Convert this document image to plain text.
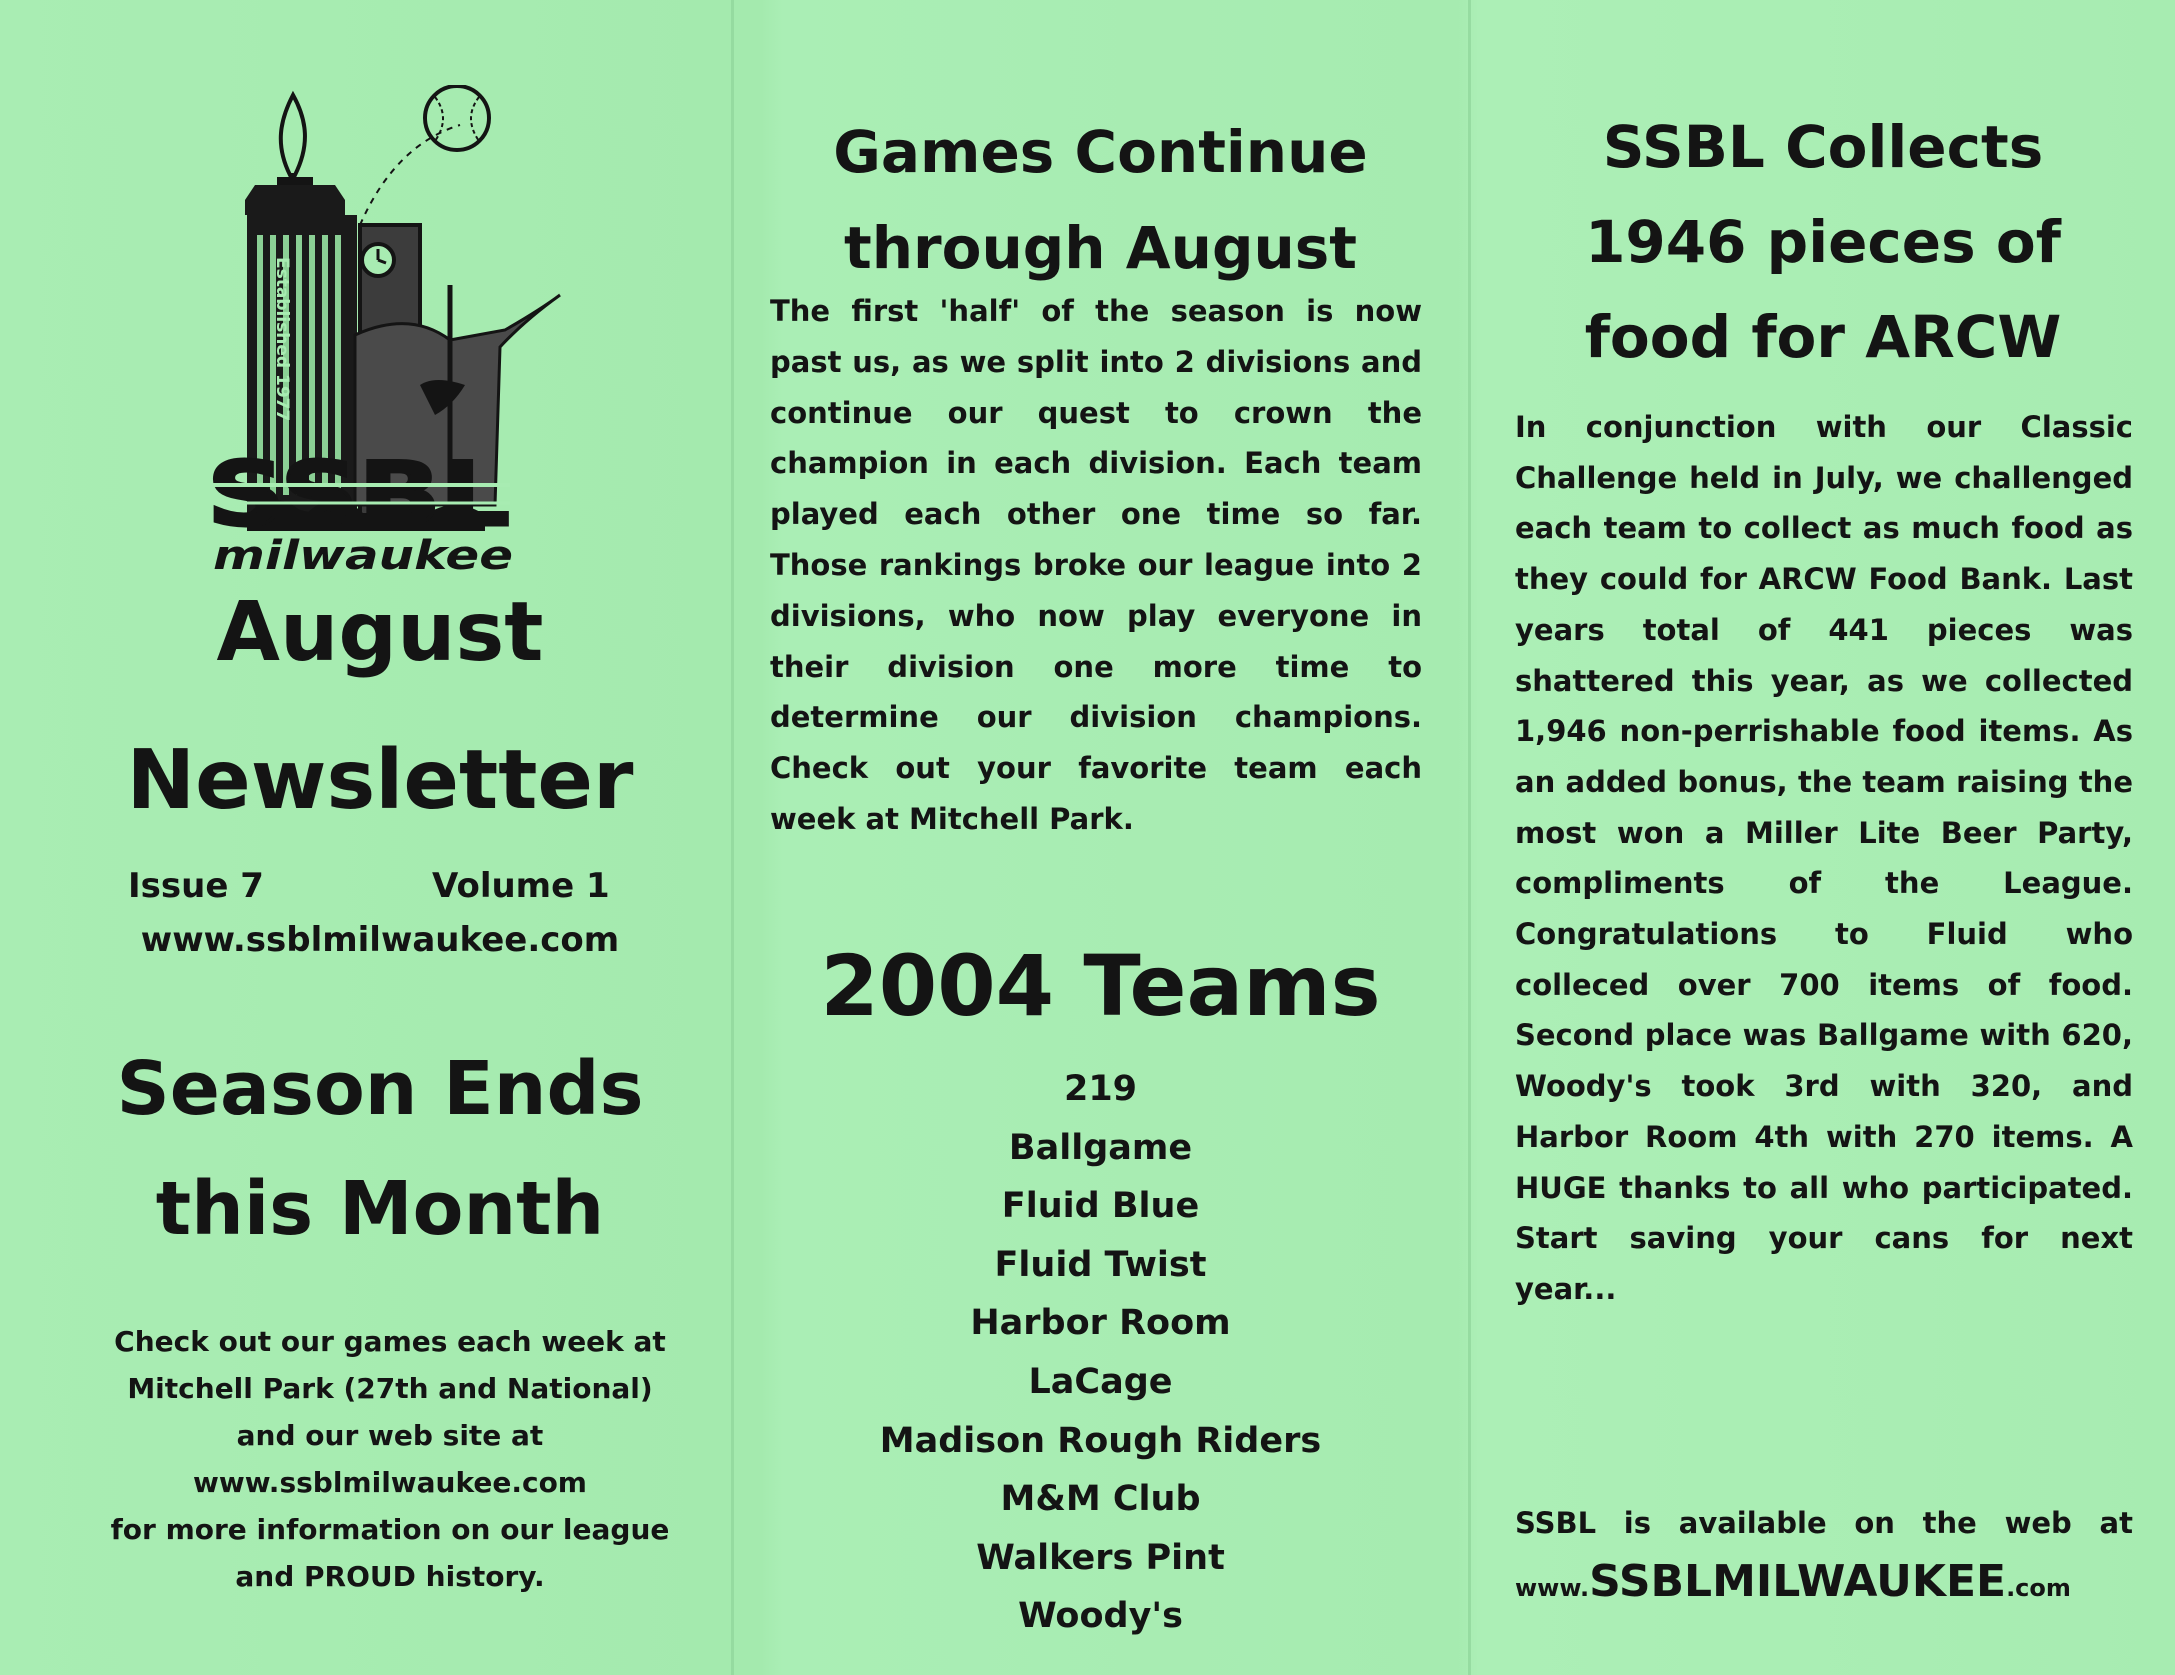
Established 1977
SSBL
milwaukee
August
Newsletter
Issue 7	Volume 1
www.ssblmilwaukee.com
Season Ends
this Month
Check out our games each week at
Mitchell Park (27th and National)
and our web site at
www.ssblmilwaukee.com
for more information on our league
and PROUD history.
Games Continue
through August

The first 'half' of the season is now past us, as we split into 2 divisions and continue our quest to crown the champion in each division. Each team played each other one time so far. Those rankings broke our league into 2 divisions, who now play everyone in their division one more time to determine our division champions. Check out your favorite team each week at Mitchell Park.

2004 Teams
219
Ballgame
Fluid Blue
Fluid Twist
Harbor Room
LaCage
Madison Rough Riders
M&M Club
Walkers Pint
Woody's
SSBL Collects
1946 pieces of
food for ARCW

In conjunction with our Classic Challenge held in July, we challenged each team to collect as much food as they could for ARCW Food Bank. Last years total of 441 pieces was shattered this year, as we collected 1,946 non-perrishable food items. As an added bonus, the team raising the most won a Miller Lite Beer Party, compliments of the League. Congratulations to Fluid who colleced over 700 items of food. Second place was Ballgame with 620, Woody's took 3rd with 320, and Harbor Room 4th with 270 items. A HUGE thanks to all who participated. Start saving your cans for next year...

SSBL is available on the web at
www.SSBLMILWAUKEE.com
